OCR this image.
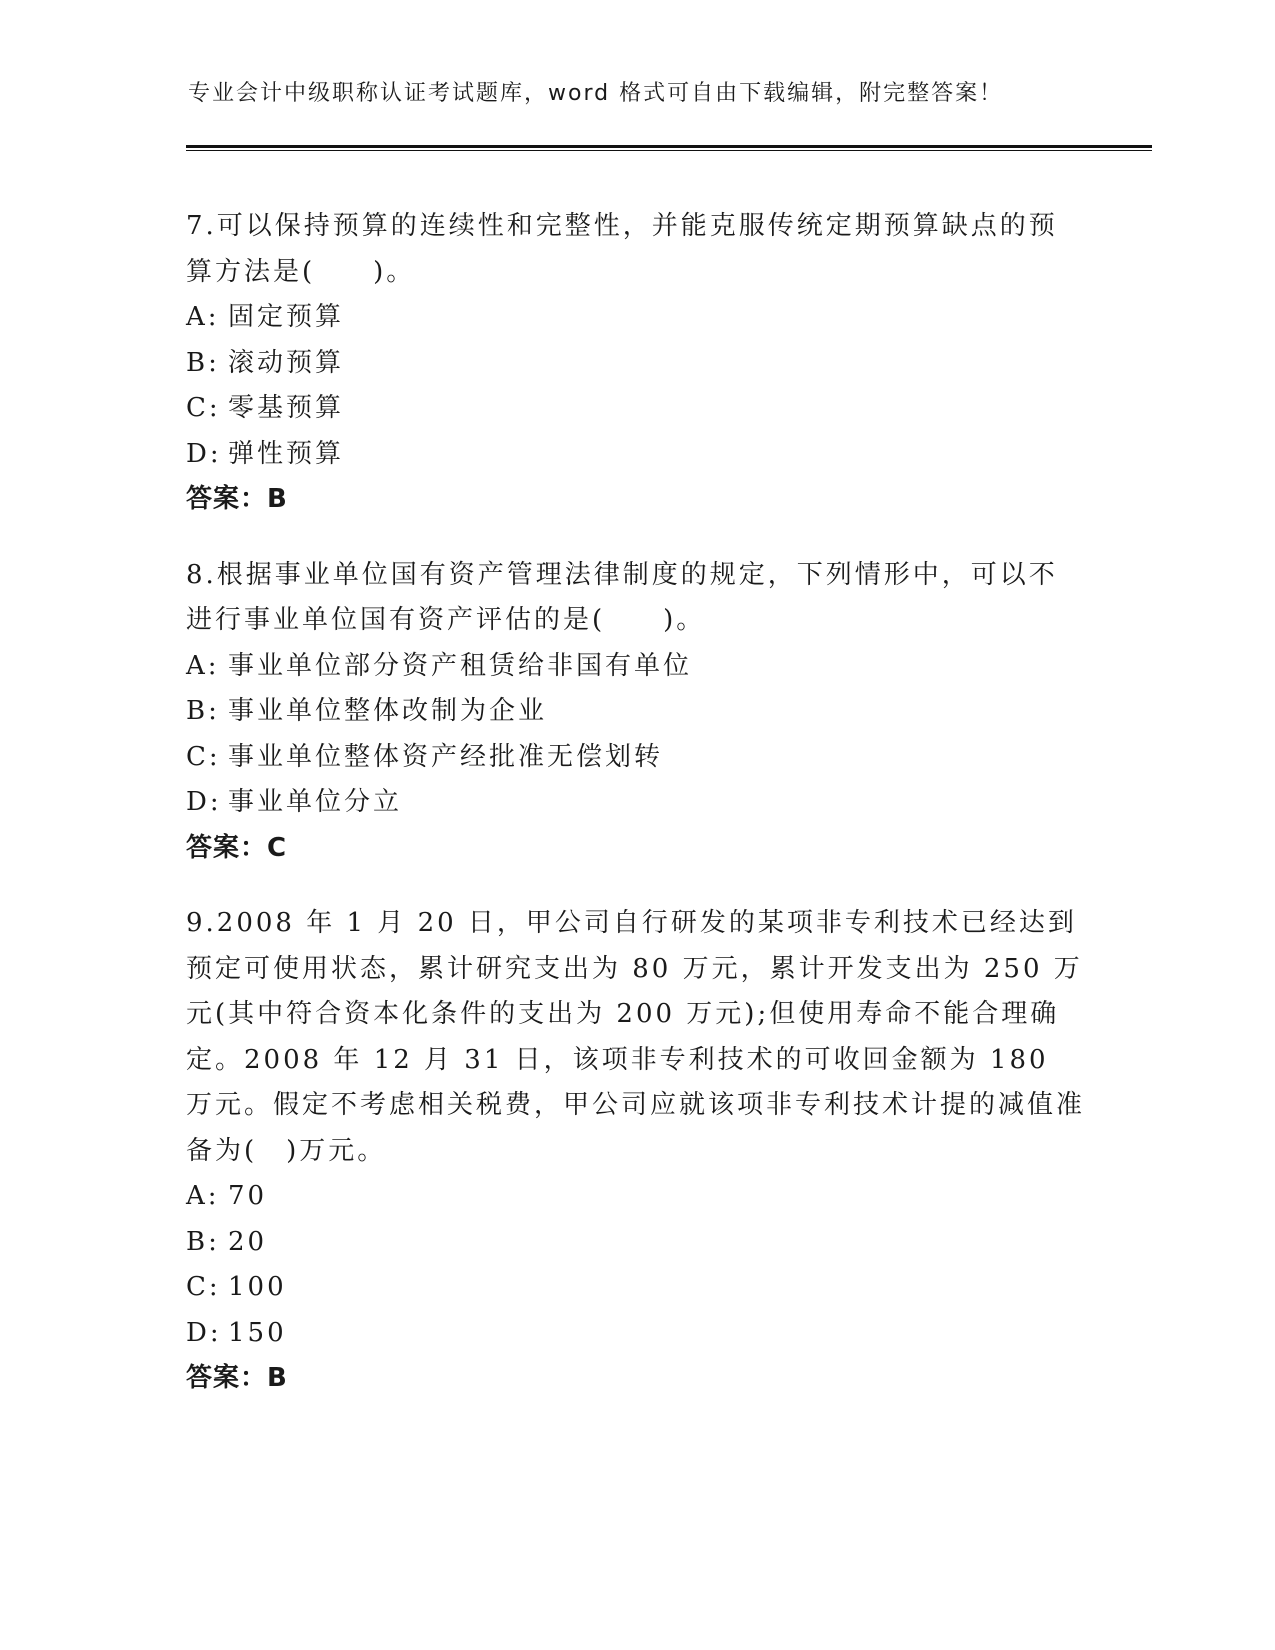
专业会计中级职称认证考试题库，word 格式可自由下载编辑，附完整答案！

7.可以保持预算的连续性和完整性，并能克服传统定期预算缺点的预算方法是(　　)。

A: 固定预算
B: 滚动预算
C: 零基预算
D: 弹性预算
答案：B

8.根据事业单位国有资产管理法律制度的规定，下列情形中，可以不进行事业单位国有资产评估的是(　　)。

A: 事业单位部分资产租赁给非国有单位
B: 事业单位整体改制为企业
C: 事业单位整体资产经批准无偿划转
D: 事业单位分立
答案：C

9.2008 年 1 月 20 日，甲公司自行研发的某项非专利技术已经达到预定可使用状态，累计研究支出为 80 万元，累计开发支出为 250 万元(其中符合资本化条件的支出为 200 万元);但使用寿命不能合理确定。2008 年 12 月 31 日，该项非专利技术的可收回金额为 180 万元。假定不考虑相关税费，甲公司应就该项非专利技术计提的减值准备为(　)万元。

A: 70
B: 20
C: 100
D: 150
答案：B
